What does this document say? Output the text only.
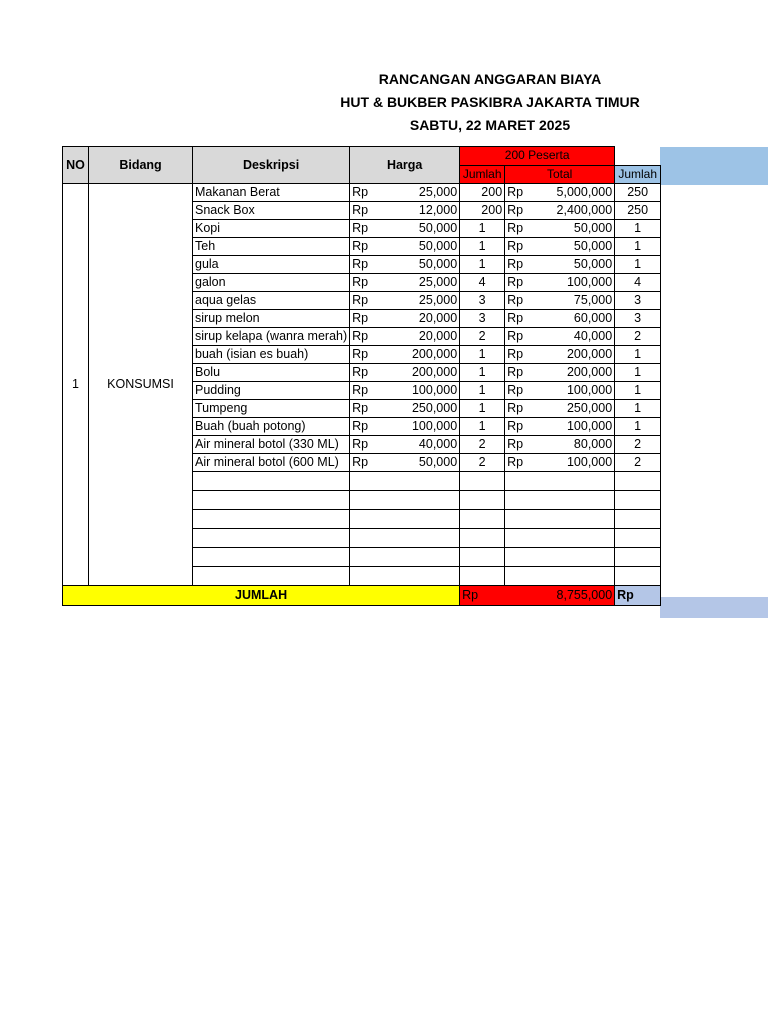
RANCANGAN ANGGARAN BIAYA
HUT & BUKBER PASKIBRA JAKARTA TIMUR
SABTU, 22 MARET 2025
NO	Bidang	Deskripsi	Harga		200 Peserta			
					Jumlah	Total		Jumlah
1	KONSUMSI	Makanan Berat	Rp	25,000	200	Rp	5,000,000	250
		Snack Box	Rp	12,000	200	Rp	2,400,000	250
		Kopi	Rp	50,000	1	Rp	50,000	1
		Teh	Rp	50,000	1	Rp	50,000	1
		gula	Rp	50,000	1	Rp	50,000	1
		galon	Rp	25,000	4	Rp	100,000	4
		aqua gelas	Rp	25,000	3	Rp	75,000	3
		sirup melon	Rp	20,000	3	Rp	60,000	3
		sirup kelapa (wanra merah)	Rp	20,000	2	Rp	40,000	2
		buah (isian es buah)	Rp	200,000	1	Rp	200,000	1
		Bolu	Rp	200,000	1	Rp	200,000	1
		Pudding	Rp	100,000	1	Rp	100,000	1
		Tumpeng	Rp	250,000	1	Rp	250,000	1
		Buah (buah potong)	Rp	100,000	1	Rp	100,000	1
		Air mineral botol (330 ML)	Rp	40,000	2	Rp	80,000	2
		Air mineral botol (600 ML)	Rp	50,000	2	Rp	100,000	2

JUMLAH					Rp	8,755,000		Rp
